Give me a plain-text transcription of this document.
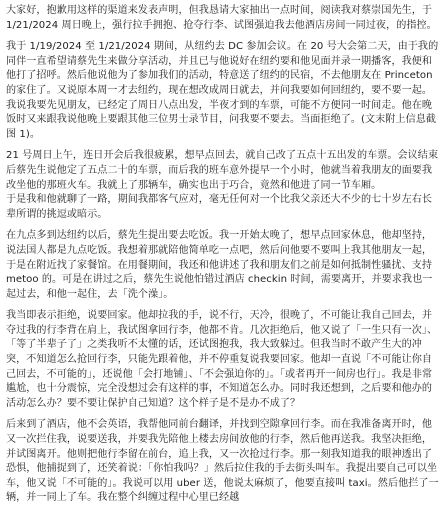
大家好，抱歉用这样的渠道来发表声明，但我恳请大家抽出一点时间，阅读我对蔡崇国先生，于 1/21/2024 周日晚上，强行拉手拥抱、抢夺行李、试图强迫我去他酒店房间一同过夜，的指控。

我于 1/19/2024 至 1/21/2024 期间，从纽约去 DC 参加会议。在 20 号大会第二天，由于我的同伴一直希望请蔡先生来做分享活动，并且已与他说好在纽约要和他见面并录一期播客，我便和他打了招呼。然后他说他为了参加我们的活动，特意送了纽约的民宿，不去他朋友在 Princeton 的家住了。又说原本周一才去纽约，现在想改成周日就去，并问我要如何回纽约，要不要一起。我说我要先见朋友，已经定了周日八点出发，半夜才到的车票，可能不方便同一时间走。他在晚饭时又来跟我说他晚上要跟其他三位男士录节目，问我要不要去。当面拒绝了。(文末附上信息截图 1)。

21 号周日上午，连日开会后我很疲累，想早点回去，就自己改了五点十五出发的车票。会议结束后蔡先生说他定了五点二十的车票，而后我的班车意外提早一个小时，他就当着我朋友的面要我改坐他的那班火车。我就上了那辆车，确实也出于巧合，竟然和他进了同一节车厢。

于是我和他就聊了一路，期间我都客气应对，毫无任何对一个比我父亲还大不少的七十岁左右长辈所谓的挑逗或暗示。

在九点多到达纽约以后，蔡先生提出要去吃饭。我一开始太晚了，想早点回家休息，他却坚持，说法国人都是九点吃饭。我想着那就陪他简单吃一点吧，然后问他要不要叫上我其他朋友一起，于是在附近找了家餐馆。在用餐期间，我还和他讲述了我和朋友们之前是如何抵制性骚扰、支持 metoo 的。可是在讲过之后，蔡先生说他怕错过酒店 checkin 时间，需要离开，并要求我也一起过去，和他一起住，去「洗个澡」。

我当即表示拒绝，说要回家。他却拉我的手，说不行，天冷，很晚了，不可能让我自己回去，并夺过我的行李背在肩上，我试图拿回行李，他都不肯。几次拒绝后，他又说了「一生只有一次」、「等了半辈子了」之类我听不太懂的话，还试图抱我，我大致躲过。但我当时不敢产生大的冲突，不知道怎么抢回行李，只能先跟着他，并不停重复说我要回家。他却一直说「不可能让你自己回去，不可能的」，还说他「会打地铺」、「不会强迫你的」。「或者再开一间房也行」。我是非常尴尬，也十分震惊，完全没想过会有这样的事，不知道怎么办。同时我还想到，之后要和他办的活动怎么办？要不要让保护自己知道？这个样子是不是办不成了？

后来到了酒店，他不会英语，我帮他同前台翻译，并找到空隙拿回行李。而在我准备离开时，他又一次拦住我，说要送我，并要我先陪他上楼去房间放他的行李，然后他再送我。我坚决拒绝，并试图离开。他则把他行李留在前台，追上我，又一次抢过行李。那一刻我知道我的眼神透出了恐惧，他捕捉到了，还笑着说：「你怕我吗？」然后拉住我的手去街头叫车。我提出要自己可以坐车，他又说「不可能的」。我说可以用 uber 送，他说太麻烦了，他要直接叫 taxi。然后他拦了一辆，并一同上了车。我在整个纠缠过程中心里已经越
